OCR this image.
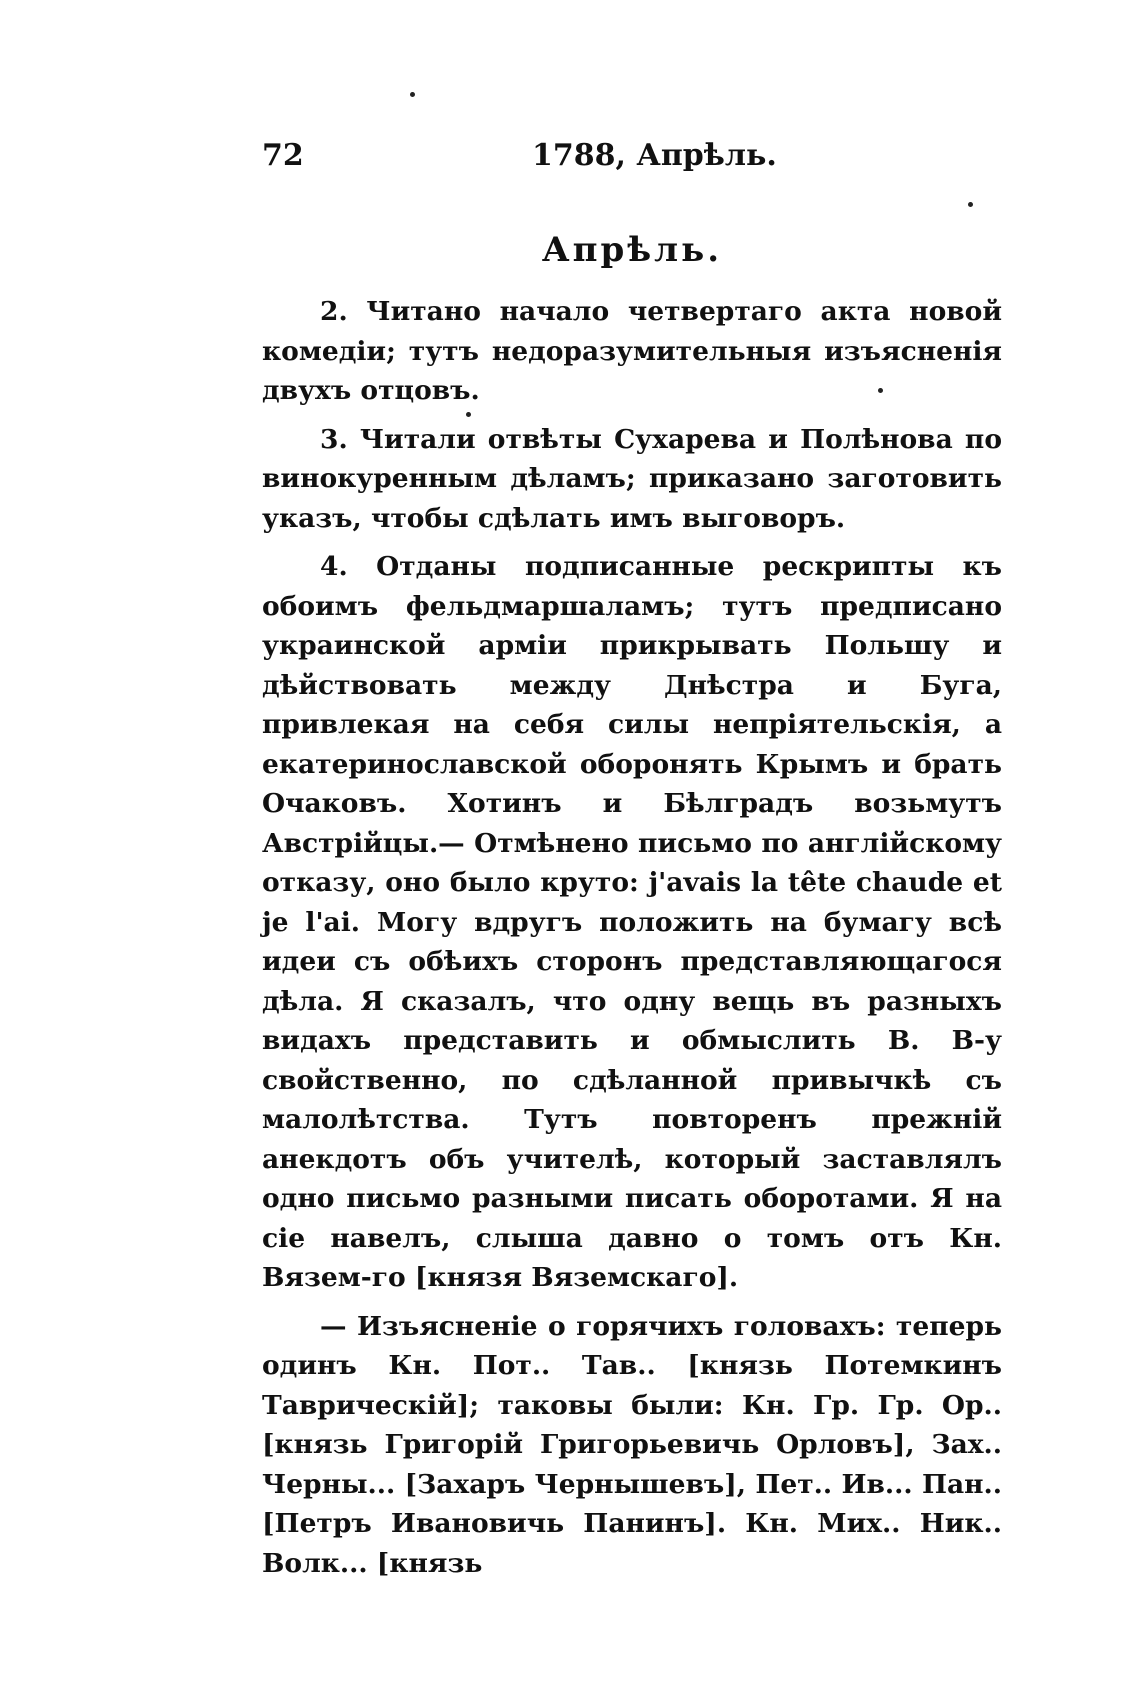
72	1788, Апрѣль.
Апрѣль.

2. Читано начало четвертаго акта новой комедіи; тутъ недоразумительныя изъясненія двухъ отцовъ.

3. Читали отвѣты Сухарева и Полѣнова по винокуренным дѣламъ; приказано заготовить указъ, чтобы сдѣлать имъ выговоръ.

4. Отданы подписанные рескрипты къ обоимъ фельдмаршаламъ; тутъ предписано украинской арміи прикрывать Польшу и дѣйствовать между Днѣстра и Буга, привлекая на себя силы непріятельскія, а екатеринославской оборонять Крымъ и брать Очаковъ. Хотинъ и Бѣлградъ возьмутъ Австрійцы.— Отмѣнено письмо по англійскому отказу, оно было круто: j'avais la tête chaude et je l'ai. Могу вдругъ положить на бумагу всѣ идеи съ обѣихъ сторонъ представляющагося дѣла. Я сказалъ, что одну вещь въ разныхъ видахъ представить и обмыслить В. В-у свойственно, по сдѣланной привычкѣ съ малолѣтства. Тутъ повторенъ прежній анекдотъ объ учителѣ, который заставлялъ одно письмо разными писать оборотами. Я на сіе навелъ, слыша давно о томъ отъ Кн. Вязем-го [князя Вяземскаго].

— Изъясненіе о горячихъ головахъ: теперь одинъ Кн. Пот.. Тав.. [князь Потемкинъ Таврическій]; таковы были: Кн. Гр. Гр. Ор.. [князь Григорій Григорьевичь Орловъ], Зах.. Черны... [Захаръ Чернышевъ], Пет.. Ив... Пан.. [Петръ Ивановичь Панинъ]. Кн. Мих.. Ник.. Волк... [князь
